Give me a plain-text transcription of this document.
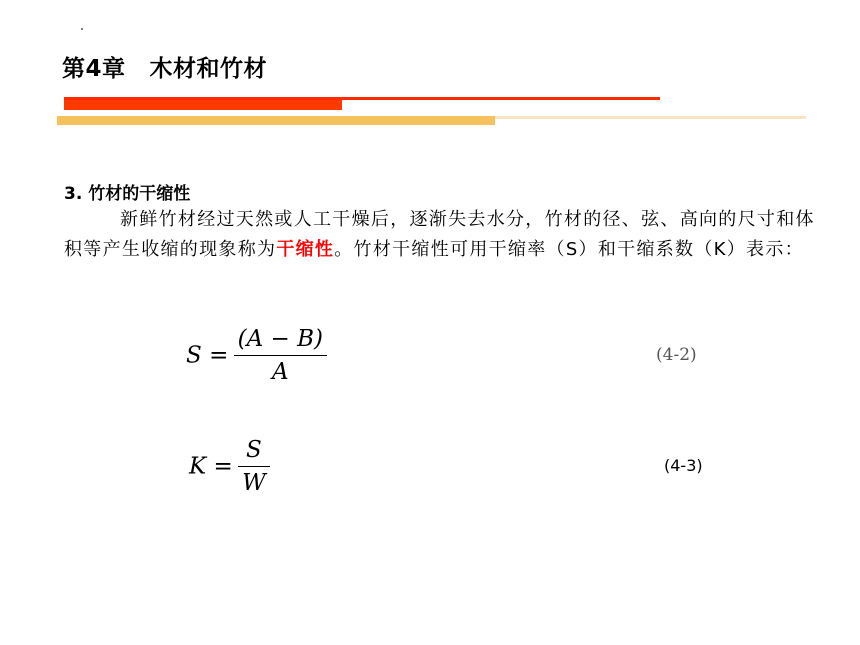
第4章 木材和竹材
3. 竹材的干缩性
新鲜竹材经过天然或人工干燥后，逐渐失去水分，竹材的径、弦、高向的尺寸和体积等产生收缩的现象称为干缩性。竹材干缩性可用干缩率（S）和干缩系数（K）表示：
$S = \frac{(A - B)}{A}$	(4-2)
$K = \frac{S}{W}$	(4-3)
